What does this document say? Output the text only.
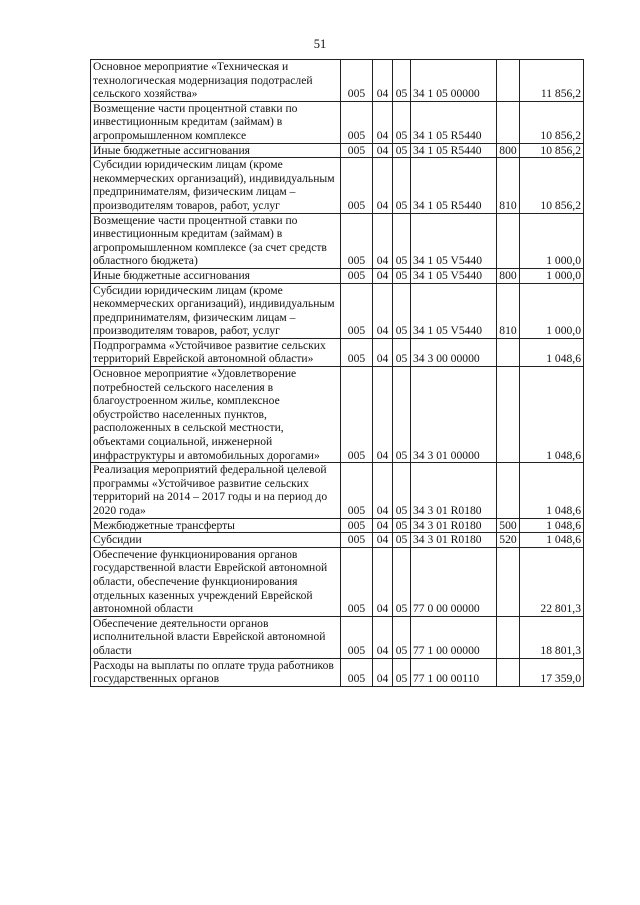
51
Основное мероприятие «Техническая и технологическая модернизация подотраслей сельского хозяйства»	005	04	05	34 1 05 00000		11 856,2
Возмещение части процентной ставки по инвестиционным кредитам (займам) в агропромышленном комплексе	005	04	05	34 1 05 R5440		10 856,2
Иные бюджетные ассигнования	005	04	05	34 1 05 R5440	800	10 856,2
Субсидии юридическим лицам (кроме некоммерческих организаций), индивидуальным предпринимателям, физическим лицам – производителям товаров, работ, услуг	005	04	05	34 1 05 R5440	810	10 856,2
Возмещение части процентной ставки по инвестиционным кредитам (займам) в агропромышленном комплексе (за счет средств областного бюджета)	005	04	05	34 1 05 V5440		1 000,0
Иные бюджетные ассигнования	005	04	05	34 1 05 V5440	800	1 000,0
Субсидии юридическим лицам (кроме некоммерческих организаций), индивидуальным предпринимателям, физическим лицам – производителям товаров, работ, услуг	005	04	05	34 1 05 V5440	810	1 000,0
Подпрограмма «Устойчивое развитие сельских территорий Еврейской автономной области»	005	04	05	34 3 00 00000		1 048,6
Основное мероприятие «Удовлетворение потребностей сельского населения в благоустроенном жилье, комплексное обустройство населенных пунктов, расположенных в сельской местности, объектами социальной, инженерной инфраструктуры и автомобильных дорогами»	005	04	05	34 3 01 00000		1 048,6
Реализация мероприятий федеральной целевой программы «Устойчивое развитие сельских территорий на 2014 – 2017 годы и на период до 2020 года»	005	04	05	34 3 01 R0180		1 048,6
Межбюджетные трансферты	005	04	05	34 3 01 R0180	500	1 048,6
Субсидии	005	04	05	34 3 01 R0180	520	1 048,6
Обеспечение функционирования органов государственной власти Еврейской автономной области, обеспечение функционирования отдельных казенных учреждений Еврейской автономной области	005	04	05	77 0 00 00000		22 801,3
Обеспечение деятельности органов исполнительной власти Еврейской автономной области	005	04	05	77 1 00 00000		18 801,3
Расходы на выплаты по оплате труда работников государственных органов	005	04	05	77 1 00 00110		17 359,0
